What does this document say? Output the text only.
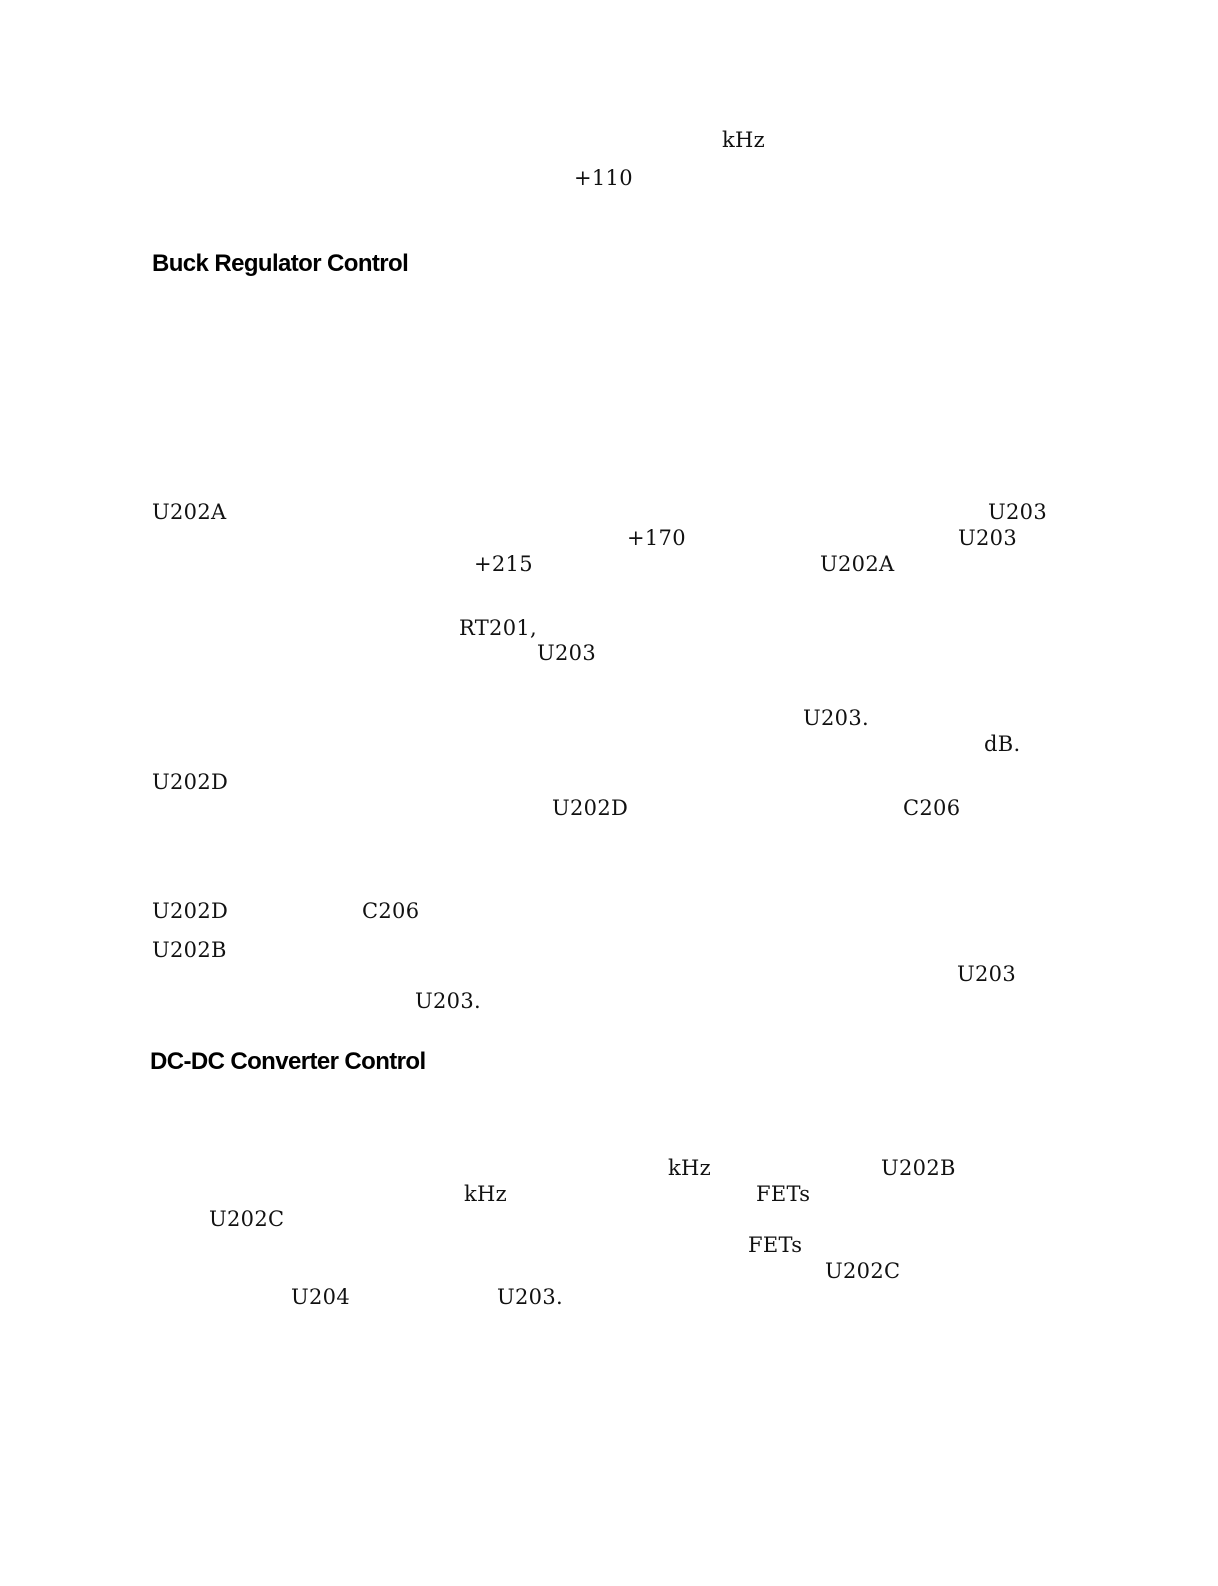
kHz
+110
Buck Regulator Control
U202A	U203
+170	U203
+215	U202A
RT201,
U203
U203.
dB.
U202D
U202D	C206
U202D	C206
U202B
U203
U203.
DC-DC Converter Control
kHz	U202B
kHz	FETs
U202C
FETs
U202C
U204	U203.
